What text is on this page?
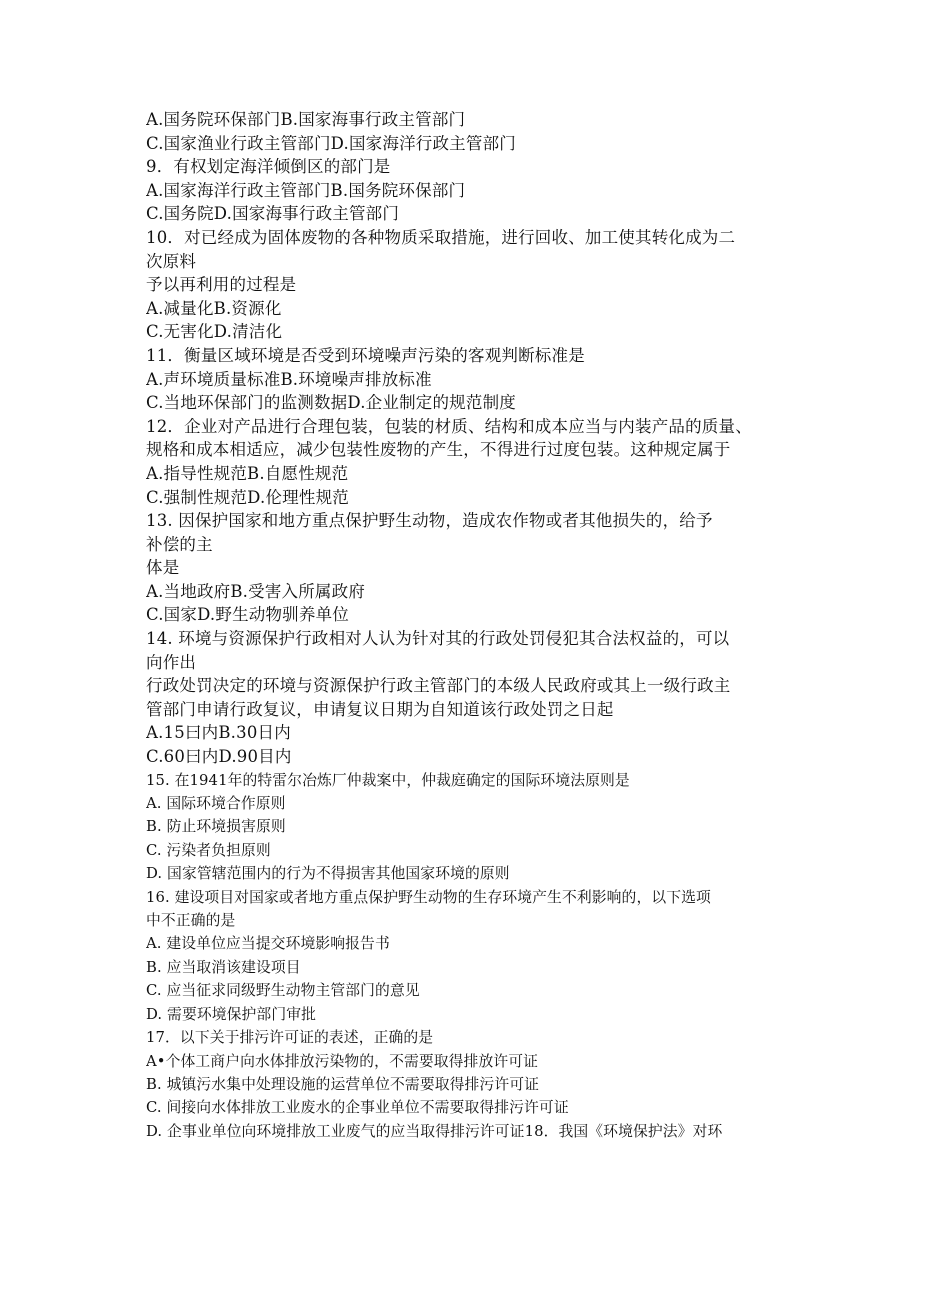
A.国务院环保部门B.国家海事行政主管部门
C.国家渔业行政主管部门D.国家海洋行政主管部门
9．有权划定海洋倾倒区的部门是
A.国家海洋行政主管部门B.国务院环保部门
C.国务院D.国家海事行政主管部门
10．对已经成为固体废物的各种物质采取措施，进行回收、加工使其转化成为二
次原料
予以再利用的过程是
A.减量化B.资源化
C.无害化D.清洁化
11．衡量区域环境是否受到环境噪声污染的客观判断标准是
A.声环境质量标准B.环境噪声排放标准
C.当地环保部门的监测数据D.企业制定的规范制度
12．企业对产品进行合理包装，包装的材质、结构和成本应当与内装产品的质量、
规格和成本相适应，减少包装性废物的产生，不得进行过度包装。这种规定属于
A.指导性规范B.自愿性规范
C.强制性规范D.伦理性规范
13. 因保护国家和地方重点保护野生动物，造成农作物或者其他损失的，给予
补偿的主
体是
A.当地政府B.受害入所属政府
C.国家D.野生动物驯养单位
14. 环境与资源保护行政相对人认为针对其的行政处罚侵犯其合法权益的，可以
向作出
行政处罚决定的环境与资源保护行政主管部门的本级人民政府或其上一级行政主
管部门申请行政复议，申请复议日期为自知道该行政处罚之日起
A.15曰内B.30日内
C.60曰内D.90目内
15. 在1941年的特雷尔冶炼厂仲裁案中，仲裁庭确定的国际环境法原则是
A. 国际环境合作原则
B. 防止环境损害原则
C. 污染者负担原则
D. 国家管辖范围内的行为不得损害其他国家环境的原则
16. 建设项目对国家或者地方重点保护野生动物的生存环境产生不利影响的，以下选项
中不正确的是
A. 建设单位应当提交环境影响报告书
B. 应当取消该建设项目
C. 应当征求同级野生动物主管部门的意见
D. 需要环境保护部门审批
17．以下关于排污许可证的表述，正确的是
A•个体工商户向水体排放污染物的，不需要取得排放许可证
B. 城镇污水集中处理设施的运营单位不需要取得排污许可证
C. 间接向水体排放工业废水的企事业单位不需要取得排污许可证
D. 企事业单位向环境排放工业废气的应当取得排污许可证18．我国《环境保护法》对环
